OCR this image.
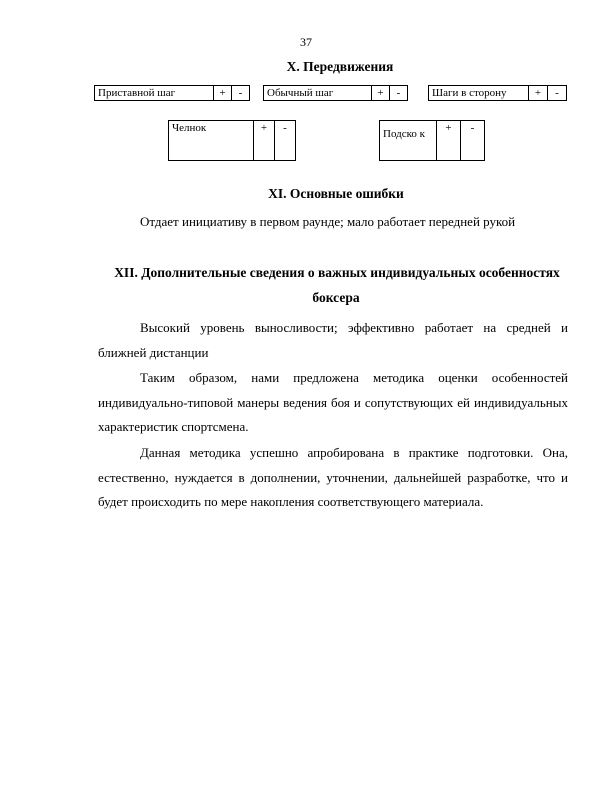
37
X. Передвижения
Приставной шаг	+	- Обычный шаг	+	-	Шаги в сторону	+	-
Челнок	+	-	Подско к	+	-
XI. Основные ошибки
Отдает инициативу в первом раунде; мало работает передней рукой
XII. Дополнительные сведения о важных индивидуальных особенностях
боксера
Высокий уровень выносливости; эффективно работает на средней и ближней дистанции
Таким образом, нами предложена методика оценки особенностей индивидуально-типовой манеры ведения боя и сопутствующих ей индивидуальных характеристик спортсмена.
Данная методика успешно апробирована в практике подготовки. Она, естественно, нуждается в дополнении, уточнении, дальнейшей разработке, что и будет происходить по мере накопления соответствующего материала.
